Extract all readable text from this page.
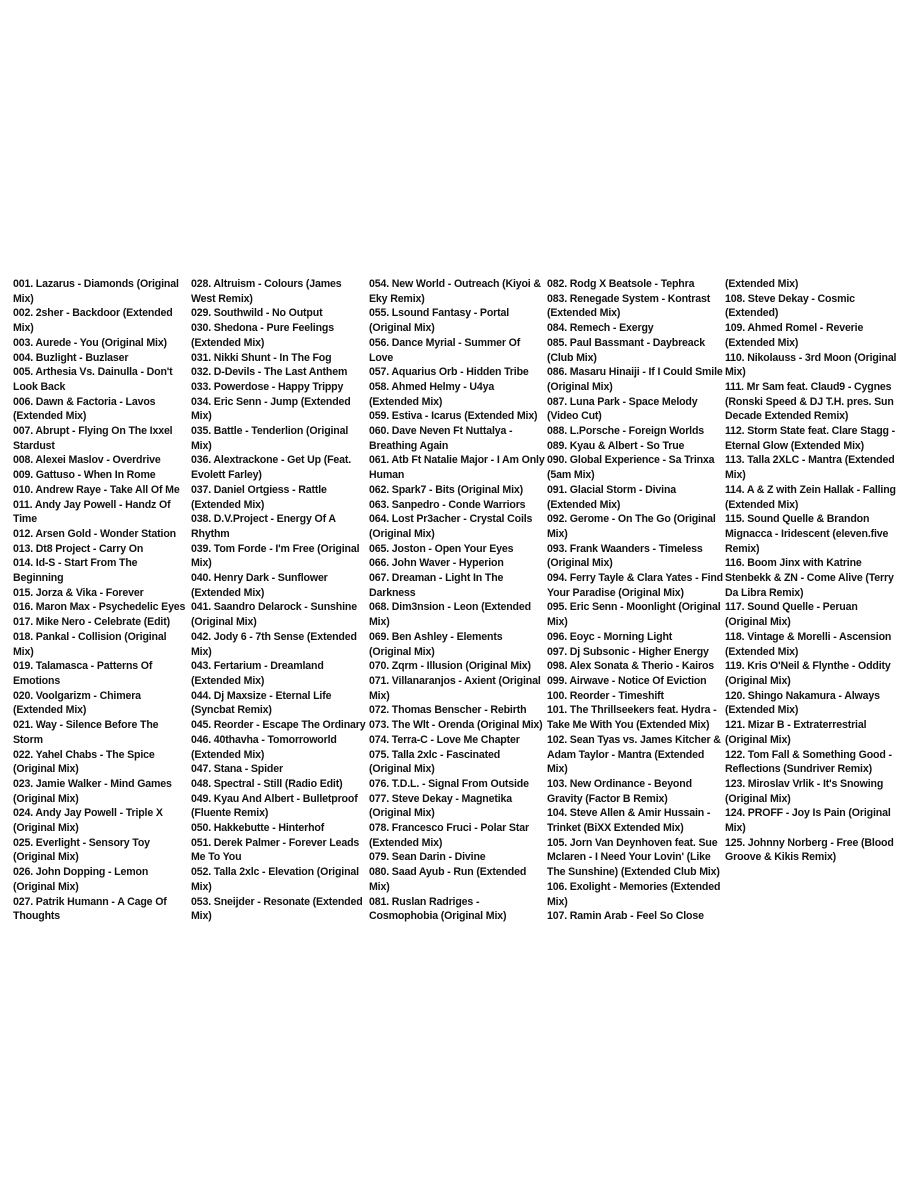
001. Lazarus - Diamonds (Original Mix)

002. 2sher - Backdoor (Extended Mix)

003. Aurede - You (Original Mix)

004. Buzlight - Buzlaser

005. Arthesia Vs. Dainulla - Don't Look Back

006. Dawn & Factoria - Lavos (Extended Mix)

007. Abrupt - Flying On The Ixxel Stardust

008. Alexei Maslov - Overdrive

009. Gattuso - When In Rome

010. Andrew Raye - Take All Of Me

011. Andy Jay Powell - Handz Of Time

012. Arsen Gold - Wonder Station

013. Dt8 Project - Carry On

014. Id-S - Start From The Beginning

015. Jorza & Vika - Forever

016. Maron Max - Psychedelic Eyes

017. Mike Nero - Celebrate (Edit)

018. Pankal - Collision (Original Mix)

019. Talamasca - Patterns Of Emotions

020. Voolgarizm - Chimera (Extended Mix)

021. Way - Silence Before The Storm

022. Yahel Chabs - The Spice (Original Mix)

023. Jamie Walker - Mind Games (Original Mix)

024. Andy Jay Powell - Triple X (Original Mix)

025. Everlight - Sensory Toy (Original Mix)

026. John Dopping - Lemon (Original Mix)

027. Patrik Humann - A Cage Of Thoughts

028. Altruism - Colours (James West Remix)

029. Southwild - No Output

030. Shedona - Pure Feelings (Extended Mix)

031. Nikki Shunt - In The Fog

032. D-Devils - The Last Anthem

033. Powerdose - Happy Trippy

034. Eric Senn - Jump (Extended Mix)

035. Battle - Tenderlion (Original Mix)

036. Alextrackone - Get Up (Feat. Evolett Farley)

037. Daniel Ortgiess - Rattle (Extended Mix)

038. D.V.Project - Energy Of A Rhythm

039. Tom Forde - I'm Free (Original Mix)

040. Henry Dark - Sunflower (Extended Mix)

041. Saandro Delarock - Sunshine (Original Mix)

042. Jody 6 - 7th Sense (Extended Mix)

043. Fertarium - Dreamland (Extended Mix)

044. Dj Maxsize - Eternal Life (Syncbat Remix)

045. Reorder - Escape The Ordinary

046. 40thavha - Tomorroworld (Extended Mix)

047. Stana - Spider

048. Spectral - Still (Radio Edit)

049. Kyau And Albert - Bulletproof (Fluente Remix)

050. Hakkebutte - Hinterhof

051. Derek Palmer - Forever Leads Me To You

052. Talla 2xlc - Elevation (Original Mix)

053. Sneijder - Resonate (Extended Mix)

054. New World - Outreach (Kiyoi & Eky Remix)

055. Lsound Fantasy - Portal (Original Mix)

056. Dance Myrial - Summer Of Love

057. Aquarius Orb - Hidden Tribe

058. Ahmed Helmy - U4ya (Extended Mix)

059. Estiva - Icarus (Extended Mix)

060. Dave Neven Ft Nuttalya - Breathing Again

061. Atb Ft Natalie Major - I Am Only Human

062. Spark7 - Bits (Original Mix)

063. Sanpedro - Conde Warriors

064. Lost Pr3acher - Crystal Coils (Original Mix)

065. Joston - Open Your Eyes

066. John Waver - Hyperion

067. Dreaman - Light In The Darkness

068. Dim3nsion - Leon (Extended Mix)

069. Ben Ashley - Elements (Original Mix)

070. Zqrm - Illusion (Original Mix)

071. Villanaranjos - Axient (Original Mix)

072. Thomas Benscher - Rebirth

073. The Wlt - Orenda (Original Mix)

074. Terra-C - Love Me Chapter

075. Talla 2xlc - Fascinated (Original Mix)

076. T.D.L. - Signal From Outside

077. Steve Dekay - Magnetika (Original Mix)

078. Francesco Fruci - Polar Star (Extended Mix)

079. Sean Darin - Divine

080. Saad Ayub - Run (Extended Mix)

081. Ruslan Radriges - Cosmophobia (Original Mix)

082. Rodg X Beatsole - Tephra

083. Renegade System - Kontrast (Extended Mix)

084. Remech - Exergy

085. Paul Bassmant - Daybreack (Club Mix)

086. Masaru Hinaiji - If I Could Smile (Original Mix)

087. Luna Park - Space Melody (Video Cut)

088. L.Porsche - Foreign Worlds

089. Kyau & Albert - So True

090. Global Experience - Sa Trinxa (5am Mix)

091. Glacial Storm - Divina (Extended Mix)

092. Gerome - On The Go (Original Mix)

093. Frank Waanders - Timeless (Original Mix)

094. Ferry Tayle & Clara Yates - Find Your Paradise (Original Mix)

095. Eric Senn - Moonlight (Original Mix)

096. Eoyc - Morning Light

097. Dj Subsonic - Higher Energy

098. Alex Sonata & Therio - Kairos

099. Airwave - Notice Of Eviction

100. Reorder - Timeshift

101. The Thrillseekers feat. Hydra - Take Me With You (Extended Mix)

102. Sean Tyas vs. James Kitcher & Adam Taylor - Mantra (Extended Mix)

103. New Ordinance - Beyond Gravity (Factor B Remix)

104. Steve Allen & Amir Hussain - Trinket (BiXX Extended Mix)

105. Jorn Van Deynhoven feat. Sue Mclaren - I Need Your Lovin' (Like The Sunshine) (Extended Club Mix)

106. Exolight - Memories (Extended Mix)

107. Ramin Arab - Feel So Close

(Extended Mix)

108. Steve Dekay - Cosmic (Extended)

109. Ahmed Romel - Reverie (Extended Mix)

110. Nikolauss - 3rd Moon (Original Mix)

111. Mr Sam feat. Claud9 - Cygnes (Ronski Speed & DJ T.H. pres. Sun Decade Extended Remix)

112. Storm State feat. Clare Stagg - Eternal Glow (Extended Mix)

113. Talla 2XLC - Mantra (Extended Mix)

114. A & Z with Zein Hallak - Falling (Extended Mix)

115. Sound Quelle & Brandon Mignacca - Iridescent (eleven.five Remix)

116. Boom Jinx with Katrine Stenbekk & ZN - Come Alive (Terry Da Libra Remix)

117. Sound Quelle - Peruan (Original Mix)

118. Vintage & Morelli - Ascension (Extended Mix)

119. Kris O'Neil & Flynthe - Oddity (Original Mix)

120. Shingo Nakamura - Always (Extended Mix)

121. Mizar B - Extraterrestrial (Original Mix)

122. Tom Fall & Something Good - Reflections (Sundriver Remix)

123. Miroslav Vrlik - It's Snowing (Original Mix)

124. PROFF - Joy Is Pain (Original Mix)

125. Johnny Norberg - Free (Blood Groove & Kikis Remix)
